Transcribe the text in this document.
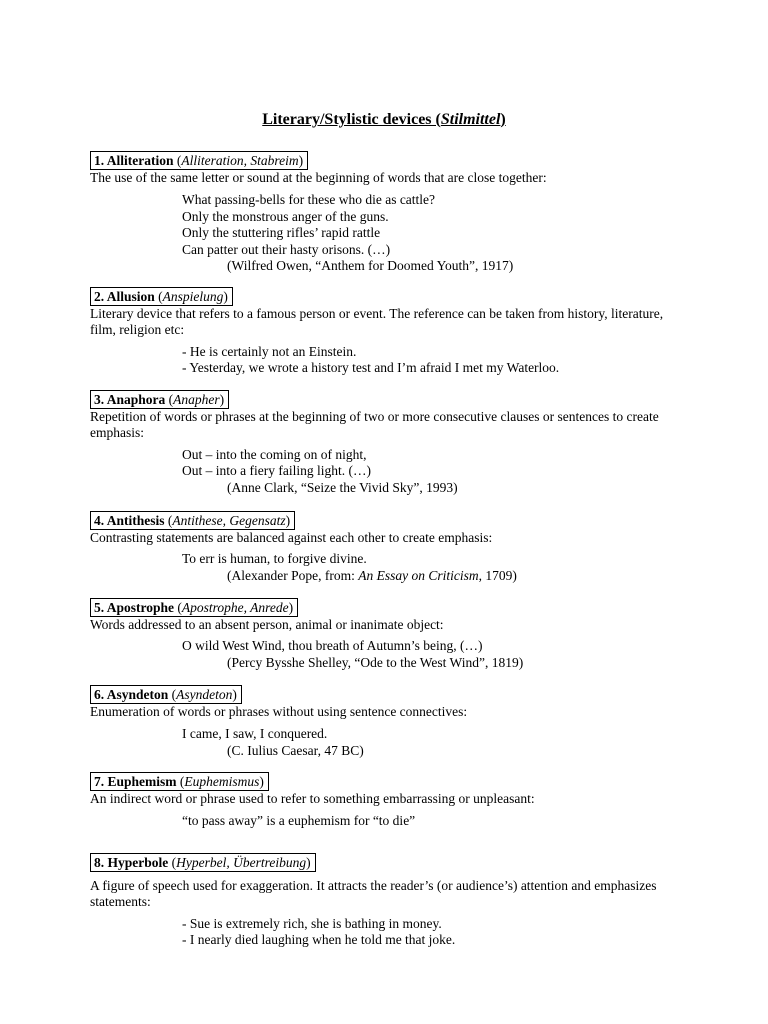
Literary/Stylistic devices (Stilmittel)
1. Alliteration (Alliteration, Stabreim)

The use of the same letter or sound at the beginning of words that are close together:

What passing-bells for these who die as cattle?
Only the monstrous anger of the guns.
Only the stuttering rifles’ rapid rattle
Can patter out their hasty orisons. (…)
(Wilfred Owen, “Anthem for Doomed Youth”, 1917)
2. Allusion (Anspielung)

Literary device that refers to a famous person or event. The reference can be taken from history, literature, film, religion etc:

- He is certainly not an Einstein.
- Yesterday, we wrote a history test and I’m afraid I met my Waterloo.
3. Anaphora (Anapher)

Repetition of words or phrases at the beginning of two or more consecutive clauses or sentences to create emphasis:

Out – into the coming on of night,
Out – into a fiery failing light. (…)
(Anne Clark, “Seize the Vivid Sky”, 1993)
4. Antithesis (Antithese, Gegensatz)

Contrasting statements are balanced against each other to create emphasis:

To err is human, to forgive divine.
(Alexander Pope, from: An Essay on Criticism, 1709)
5. Apostrophe (Apostrophe, Anrede)

Words addressed to an absent person, animal or inanimate object:

O wild West Wind, thou breath of Autumn’s being, (…)
(Percy Bysshe Shelley, “Ode to the West Wind”, 1819)
6. Asyndeton (Asyndeton)

Enumeration of words or phrases without using sentence connectives:

I came, I saw, I conquered.
(C. Iulius Caesar, 47 BC)
7. Euphemism (Euphemismus)

An indirect word or phrase used to refer to something embarrassing or unpleasant:

“to pass away” is a euphemism for “to die”
8. Hyperbole (Hyperbel, Übertreibung)

A figure of speech used for exaggeration. It attracts the reader’s (or audience’s) attention and emphasizes statements:

- Sue is extremely rich, she is bathing in money.
- I nearly died laughing when he told me that joke.
